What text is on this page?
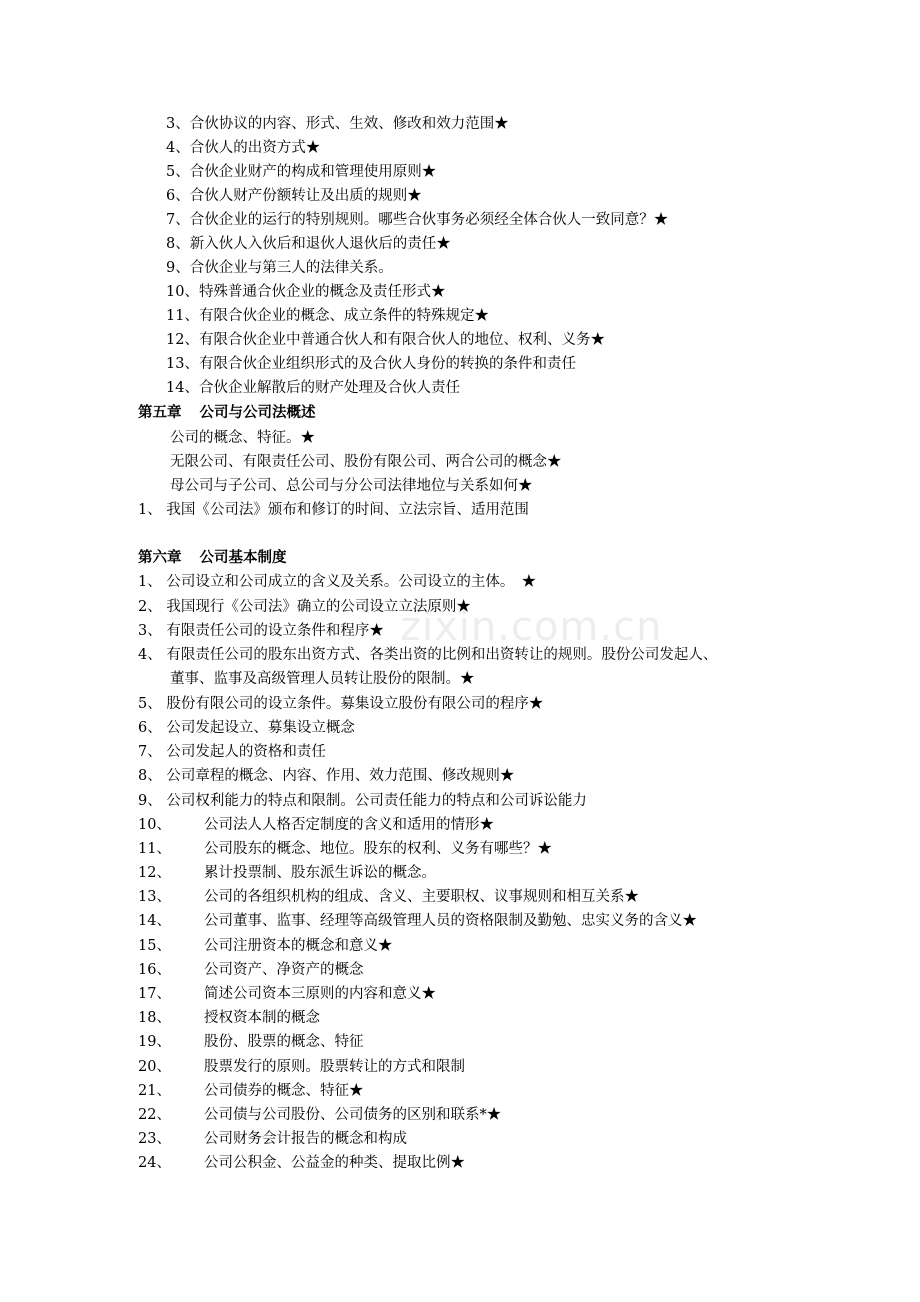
3、合伙协议的内容、形式、生效、修改和效力范围★
4、合伙人的出资方式★
5、合伙企业财产的构成和管理使用原则★
6、合伙人财产份额转让及出质的规则★
7、合伙企业的运行的特别规则。哪些合伙事务必须经全体合伙人一致同意？★
8、新入伙人入伙后和退伙人退伙后的责任★
9、合伙企业与第三人的法律关系。
10、特殊普通合伙企业的概念及责任形式★
11、有限合伙企业的概念、成立条件的特殊规定★
12、有限合伙企业中普通合伙人和有限合伙人的地位、权利、义务★
13、有限合伙企业组织形式的及合伙人身份的转换的条件和责任
14、合伙企业解散后的财产处理及合伙人责任
第五章 公司与公司法概述
公司的概念、特征。★
无限公司、有限责任公司、股份有限公司、两合公司的概念★
母公司与子公司、总公司与分公司法律地位与关系如何★
1、 我国《公司法》颁布和修订的时间、立法宗旨、适用范围
第六章 公司基本制度
1、 公司设立和公司成立的含义及关系。公司设立的主体。　★
2、 我国现行《公司法》确立的公司设立立法原则★
3、 有限责任公司的设立条件和程序★
4、 有限责任公司的股东出资方式、各类出资的比例和出资转让的规则。股份公司发起人、
董事、监事及高级管理人员转让股份的限制。★
5、 股份有限公司的设立条件。募集设立股份有限公司的程序★
6、 公司发起设立、募集设立概念
7、 公司发起人的资格和责任
8、 公司章程的概念、内容、作用、效力范围、修改规则★
9、 公司权利能力的特点和限制。公司责任能力的特点和公司诉讼能力
10、 公司法人人格否定制度的含义和适用的情形★
11、 公司股东的概念、地位。股东的权利、义务有哪些？★
12、 累计投票制、股东派生诉讼的概念。
13、 公司的各组织机构的组成、含义、主要职权、议事规则和相互关系★
14、 公司董事、监事、经理等高级管理人员的资格限制及勤勉、忠实义务的含义★
15、 公司注册资本的概念和意义★
16、 公司资产、净资产的概念
17、 简述公司资本三原则的内容和意义★
18、 授权资本制的概念
19、 股份、股票的概念、特征
20、 股票发行的原则。股票转让的方式和限制
21、 公司债券的概念、特征★
22、 公司债与公司股份、公司债务的区别和联系*★
23、 公司财务会计报告的概念和构成
24、 公司公积金、公益金的种类、提取比例★
zixin.com.cn
